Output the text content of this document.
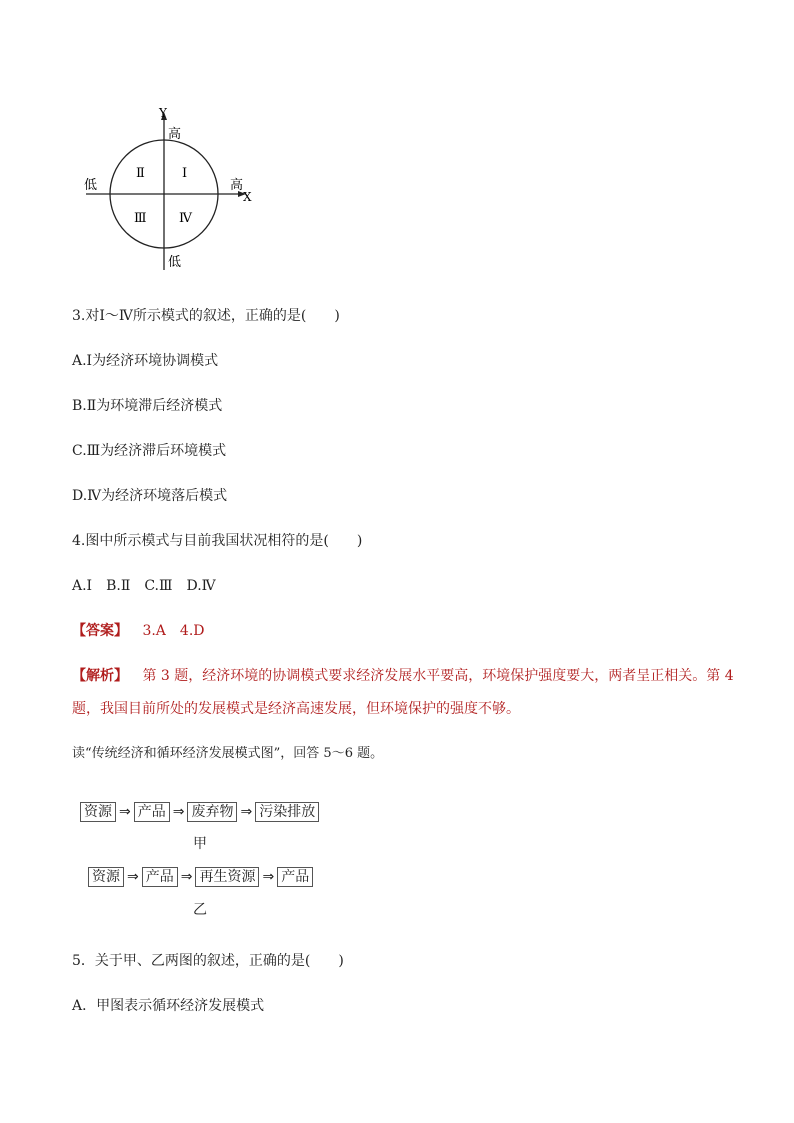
Y
X
高
低
低	高
Ⅰ
Ⅱ
Ⅲ Ⅳ
3.对Ⅰ～Ⅳ所示模式的叙述，正确的是(　　)
A.Ⅰ为经济环境协调模式
B.Ⅱ为环境滞后经济模式
C.Ⅲ为经济滞后环境模式
D.Ⅳ为经济环境落后模式
4.图中所示模式与目前我国状况相符的是(　　)
A.Ⅰ　B.Ⅱ　C.Ⅲ　D.Ⅳ
【答案】 3.A　4.D
【解析】 第 3 题，经济环境的协调模式要求经济发展水平要高，环境保护强度要大，两者呈正相关。第 4
题，我国目前所处的发展模式是经济高速发展，但环境保护的强度不够。
读“传统经济和循环经济发展模式图”，回答 5～6 题。
资源 ⇒ 产品 ⇒ 废弃物 ⇒ 污染排放
甲
资源 ⇒ 产品 ⇒ 再生资源 ⇒ 产品
乙
5．关于甲、乙两图的叙述，正确的是(　　)
A．甲图表示循环经济发展模式
